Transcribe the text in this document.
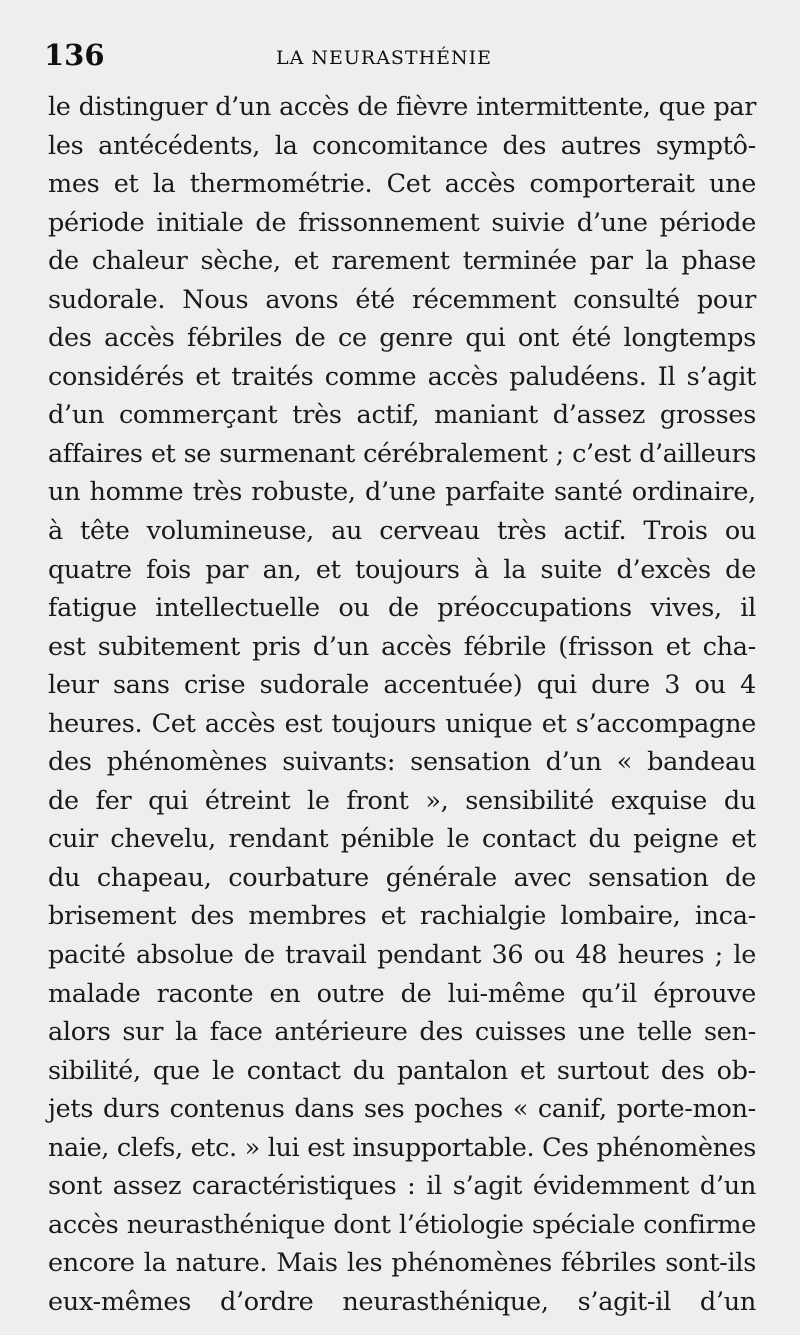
136	LA NEURASTHÉNIE
le distinguer d’un accès de fièvre intermittente, que par
les antécédents, la concomitance des autres symptô-
mes et la thermométrie. Cet accès comporterait une
période initiale de frissonnement suivie d’une période
de chaleur sèche, et rarement terminée par la phase
sudorale. Nous avons été récemment consulté pour
des accès fébriles de ce genre qui ont été longtemps
considérés et traités comme accès paludéens. Il s’agit
d’un commerçant très actif, maniant d’assez grosses
affaires et se surmenant cérébralement ; c’est d’ailleurs
un homme très robuste, d’une parfaite santé ordinaire,
à tête volumineuse, au cerveau très actif. Trois ou
quatre fois par an, et toujours à la suite d’excès de
fatigue intellectuelle ou de préoccupations vives, il
est subitement pris d’un accès fébrile (frisson et cha-
leur sans crise sudorale accentuée) qui dure 3 ou 4
heures. Cet accès est toujours unique et s’accompagne
des phénomènes suivants: sensation d’un « bandeau
de fer qui étreint le front », sensibilité exquise du
cuir chevelu, rendant pénible le contact du peigne et
du chapeau, courbature générale avec sensation de
brisement des membres et rachialgie lombaire, inca-
pacité absolue de travail pendant 36 ou 48 heures ; le
malade raconte en outre de lui-même qu’il éprouve
alors sur la face antérieure des cuisses une telle sen-
sibilité, que le contact du pantalon et surtout des ob-
jets durs contenus dans ses poches « canif, porte-mon-
naie, clefs, etc. » lui est insupportable. Ces phénomènes
sont assez caractéristiques : il s’agit évidemment d’un
accès neurasthénique dont l’étiologie spéciale confirme
encore la nature. Mais les phénomènes fébriles sont-ils
eux-mêmes d’ordre neurasthénique, s’agit-il d’un
